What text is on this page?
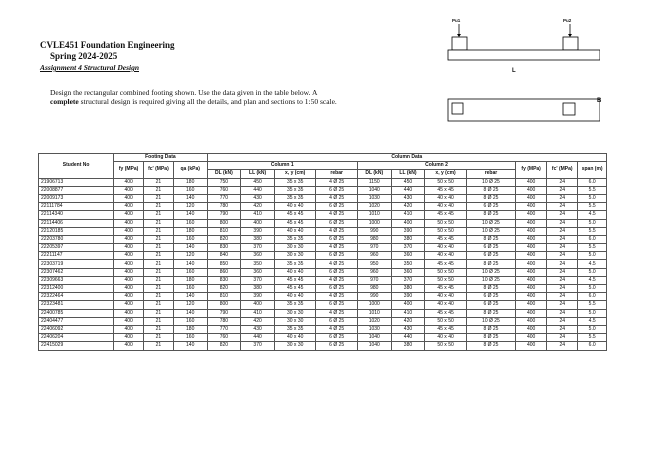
CVLE451 Foundation Engineering
Spring 2024-2025
Assignment 4 Structural Design
Design the rectangular combined footing shown. Use the data given in the table below. A
complete structural design is required giving all the details, and plan and sections to 1:50 scale.
Pu1	Pu2
L
B
Student No	Footing Data			Column Data										
	fy (MPa)	fc' (MPa)	qa (kPa)	Column 1				Column 2				fy (MPa)	fc' (MPa)	span (m)
				DL (kN)	LL (kN)	x, y (cm)	rebar	DL (kN)	LL (kN)	x, y (cm)	rebar			
21906713	400	21	180	750	450	35 x 35	4 Ø 25	1150	450	50 x 50	10 Ø 25	400	24	6.0
22008877	400	21	160	760	440	35 x 35	6 Ø 25	1040	440	45 x 45	8 Ø 25	400	24	5.5
22009173	400	21	140	770	430	35 x 35	4 Ø 25	1030	430	40 x 40	8 Ø 25	400	24	5.0
22111784	400	21	120	780	420	40 x 40	6 Ø 25	1020	420	40 x 40	6 Ø 25	400	24	5.5
22114340	400	21	140	790	410	45 x 45	4 Ø 25	1010	410	45 x 45	8 Ø 25	400	24	4.5
22114406	400	21	160	800	400	45 x 45	6 Ø 25	1000	400	50 x 50	10 Ø 25	400	24	5.0
22120185	400	21	180	810	390	40 x 40	4 Ø 25	990	390	50 x 50	10 Ø 25	400	24	5.5
22203780	400	21	160	820	380	35 x 35	6 Ø 25	980	380	45 x 45	8 Ø 25	400	24	6.0
22205397	400	21	140	830	370	30 x 30	4 Ø 25	970	370	40 x 40	6 Ø 25	400	24	5.5
22211147	400	21	120	840	360	30 x 30	6 Ø 25	960	360	40 x 40	6 Ø 25	400	24	5.0
22303719	400	21	140	850	350	35 x 35	4 Ø 25	950	350	45 x 45	8 Ø 25	400	24	4.5
22307462	400	21	160	860	360	40 x 40	6 Ø 25	960	360	50 x 50	10 Ø 25	400	24	5.0
22309663	400	21	180	830	370	45 x 45	4 Ø 25	970	370	50 x 50	10 Ø 25	400	24	4.5
22312400	400	21	160	820	380	45 x 45	6 Ø 25	980	380	45 x 45	8 Ø 25	400	24	5.0
22322464	400	21	140	810	390	40 x 40	4 Ø 25	990	390	40 x 40	6 Ø 25	400	24	6.0
22323481	400	21	120	800	400	35 x 35	6 Ø 25	1000	400	40 x 40	6 Ø 25	400	24	5.5
22400785	400	21	140	790	410	30 x 30	4 Ø 25	1010	410	45 x 45	8 Ø 25	400	24	5.0
22404477	400	21	160	780	420	30 x 30	6 Ø 25	1020	420	50 x 50	10 Ø 25	400	24	4.5
22406092	400	21	180	770	430	35 x 35	4 Ø 25	1030	430	45 x 45	8 Ø 25	400	24	5.0
22406204	400	21	160	760	440	40 x 40	6 Ø 25	1040	440	40 x 40	8 Ø 25	400	24	5.5
22415029	400	21	140	820	370	30 x 30	6 Ø 25	1040	380	50 x 50	8 Ø 25	400	24	6.0
